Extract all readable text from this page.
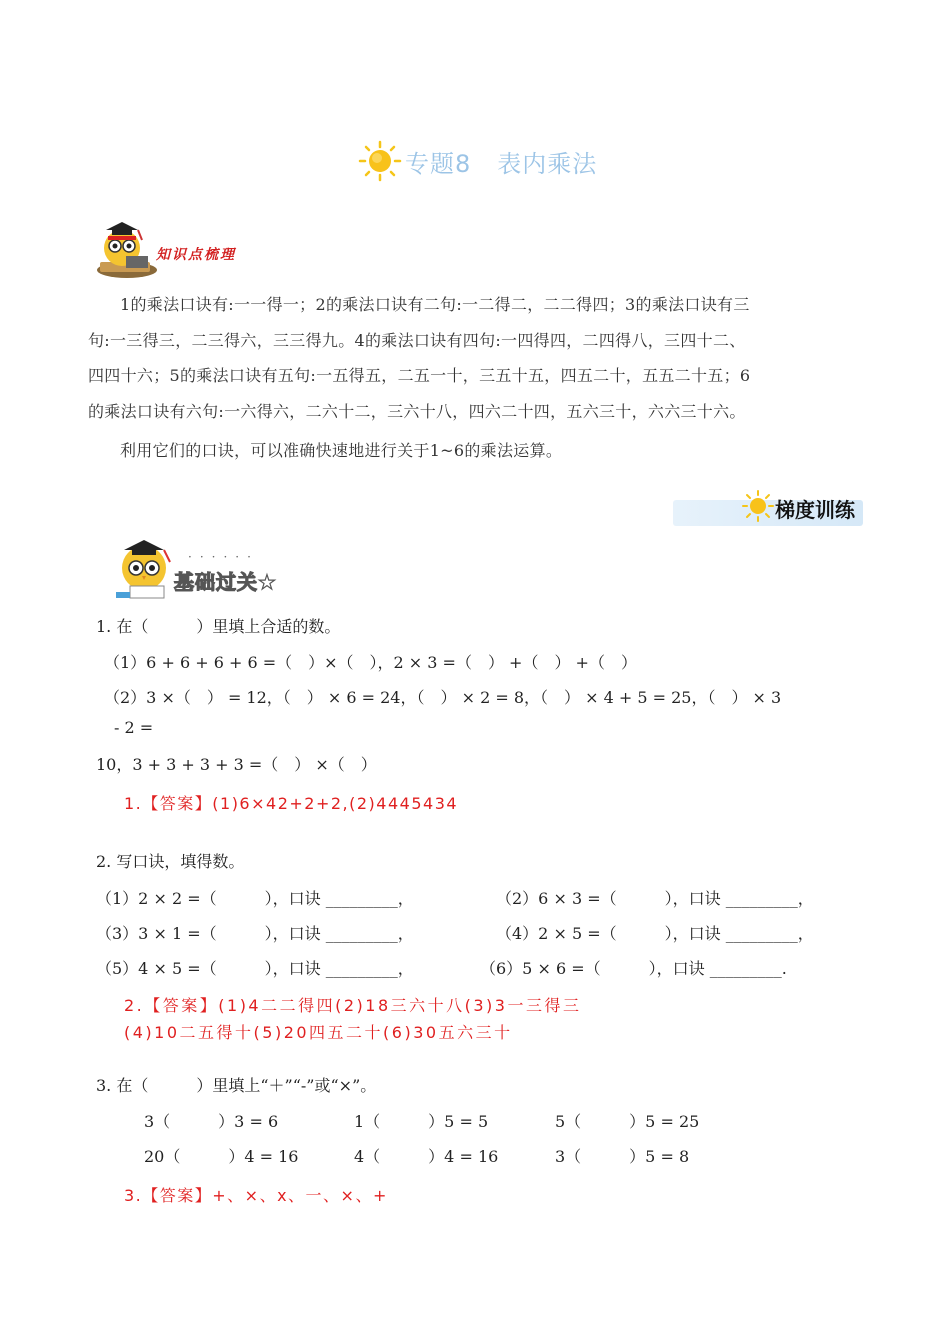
专题8 表内乘法
知识点梳理
1的乘法口诀有:一一得一；2的乘法口诀有二句:一二得二，二二得四；3的乘法口诀有三
句:一三得三，二三得六，三三得九。4的乘法口诀有四句:一四得四，二四得八，三四十二、
四四十六；5的乘法口诀有五句:一五得五，二五一十，三五十五，四五二十，五五二十五；6
的乘法口诀有六句:一六得六，二六十二，三六十八，四六二十四，五六三十，六六三十六。
利用它们的口诀，可以准确快速地进行关于1~6的乘法运算。
梯度训练
基础过关★
······
1. 在（　　　）里填上合适的数。
（1）6 + 6 + 6 + 6 =（　）×（　），2 × 3 =（　） +（　） +（　）
（2）3 ×（　） = 12，（　） × 6 = 24，（　） × 2 = 8，（　） × 4 + 5 = 25，（　） × 3
- 2 =
10，3 + 3 + 3 + 3 =（　） ×（　）
1.【答案】(1)6×42+2+2,(2)4445434
2. 写口诀，填得数。
（1）2 × 2 =（　　　），口诀 _________，	（2）6 × 3 =（　　　），口诀 _________，
（3）3 × 1 =（　　　），口诀 _________，	（4）2 × 5 =（　　　），口诀 _________，
（5）4 × 5 =（　　　），口诀 _________，	（6）5 × 6 =（　　　），口诀 _________.
2.【答案】(1)4二二得四(2)18三六十八(3)3一三得三
(4)10二五得十(5)20四五二十(6)30五六三十
3. 在（　　　）里填上“＋”“-”或“×”。
3（　　　）3 = 6	1（　　　）5 = 5	5（　　　）5 = 25
20（　　　）4 = 16	4（　　　）4 = 16	3（　　　）5 = 8
3.【答案】+、×、x、一、×、+
